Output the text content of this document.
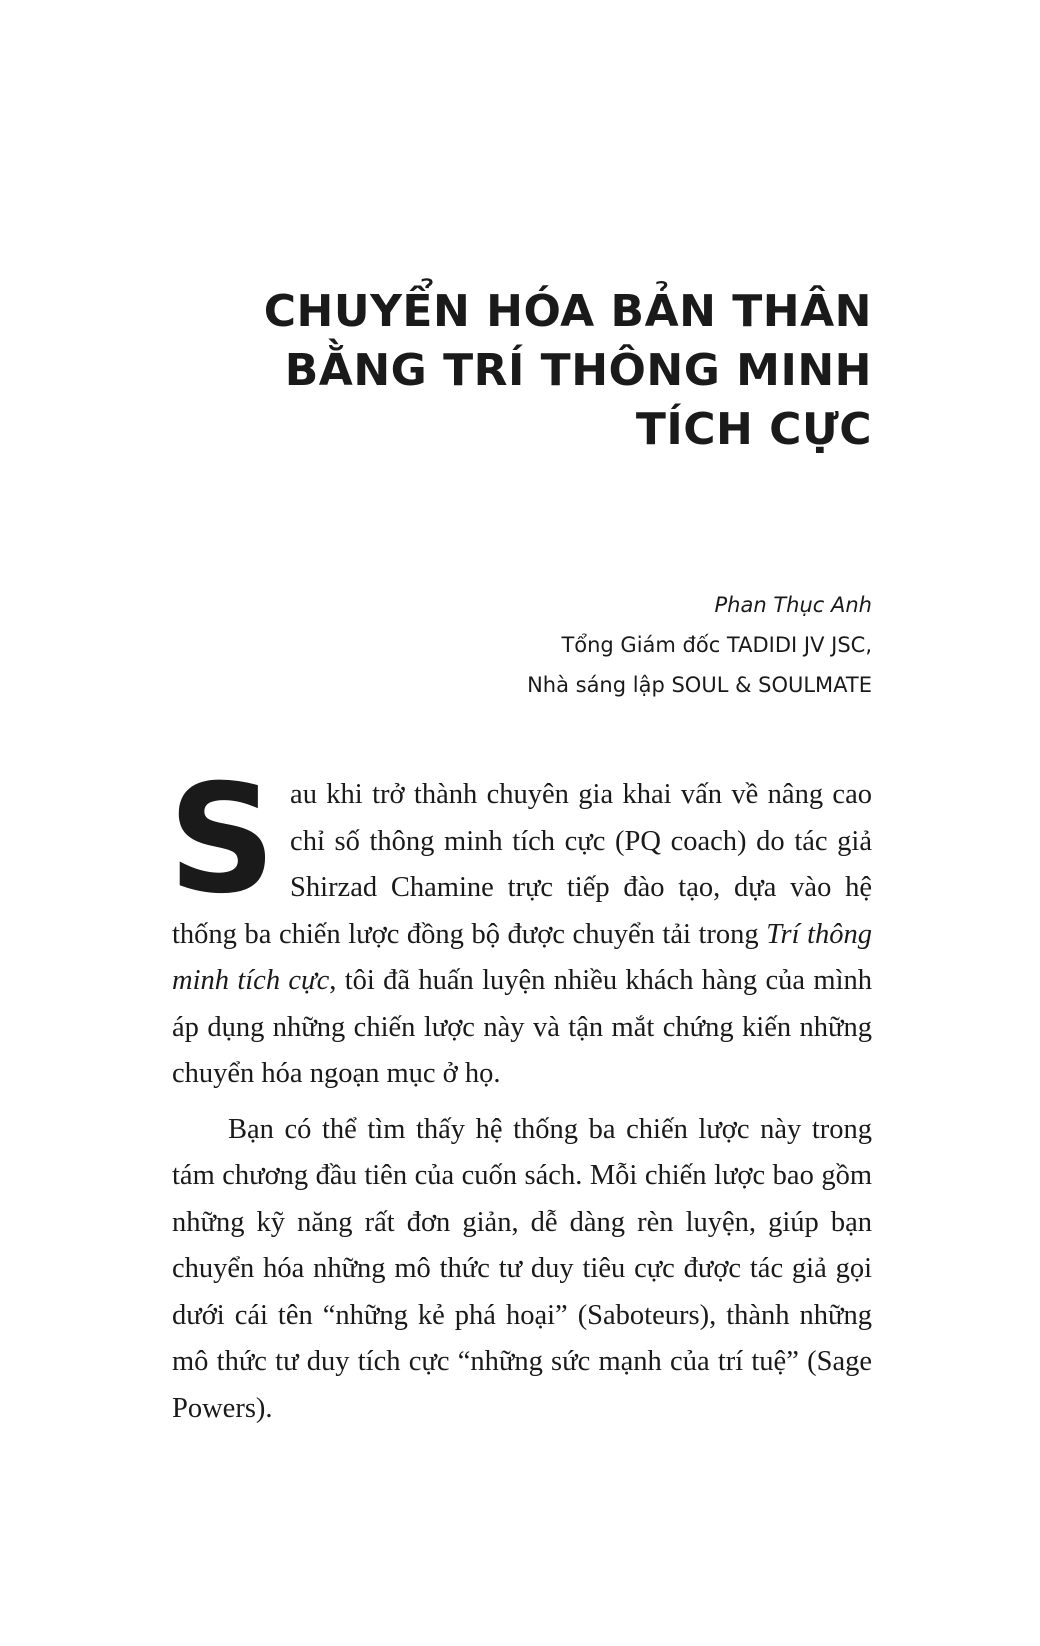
CHUYỂN HÓA BẢN THÂN
BẰNG TRÍ THÔNG MINH
TÍCH CỰC
Phan Thục Anh
Tổng Giám đốc TADIDI JV JSC,
Nhà sáng lập SOUL & SOULMATE

Sau khi trở thành chuyên gia khai vấn về nâng cao chỉ số thông minh tích cực (PQ coach) do tác giả Shirzad Chamine trực tiếp đào tạo, dựa vào hệ thống ba chiến lược đồng bộ được chuyển tải trong Trí thông minh tích cực, tôi đã huấn luyện nhiều khách hàng của mình áp dụng những chiến lược này và tận mắt chứng kiến những chuyển hóa ngoạn mục ở họ.

Bạn có thể tìm thấy hệ thống ba chiến lược này trong tám chương đầu tiên của cuốn sách. Mỗi chiến lược bao gồm những kỹ năng rất đơn giản, dễ dàng rèn luyện, giúp bạn chuyển hóa những mô thức tư duy tiêu cực được tác giả gọi dưới cái tên “những kẻ phá hoại” (Saboteurs), thành những mô thức tư duy tích cực “những sức mạnh của trí tuệ” (Sage Powers).
